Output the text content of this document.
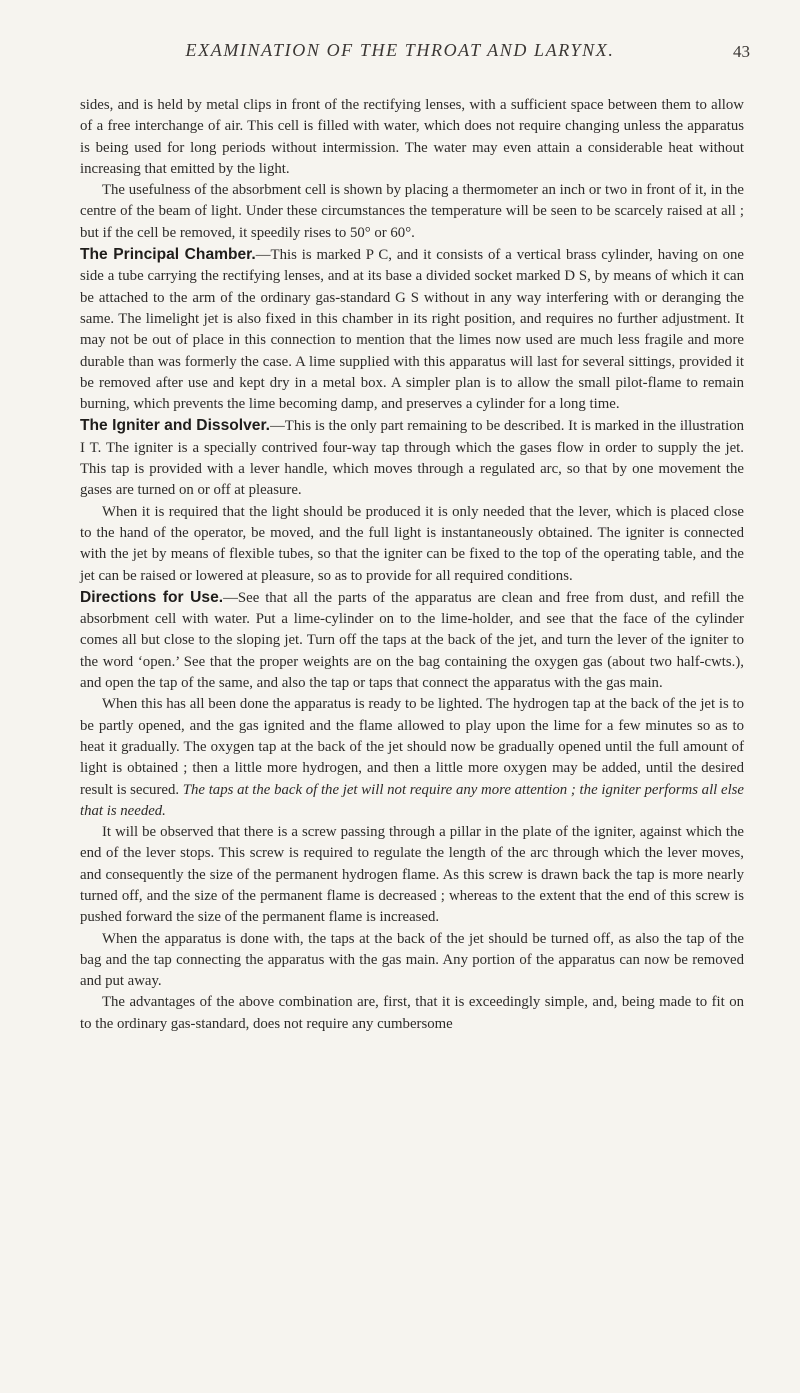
EXAMINATION OF THE THROAT AND LARYNX.	43

sides, and is held by metal clips in front of the rectifying lenses, with a sufficient space between them to allow of a free interchange of air. This cell is filled with water, which does not require changing unless the apparatus is being used for long periods without intermission. The water may even attain a considerable heat without increasing that emitted by the light.

The usefulness of the absorbment cell is shown by placing a thermometer an inch or two in front of it, in the centre of the beam of light. Under these circumstances the temperature will be seen to be scarcely raised at all ; but if the cell be removed, it speedily rises to 50° or 60°.

The Principal Chamber.—This is marked P C, and it consists of a vertical brass cylinder, having on one side a tube carrying the rectifying lenses, and at its base a divided socket marked D S, by means of which it can be attached to the arm of the ordinary gas-standard G S without in any way interfering with or deranging the same. The limelight jet is also fixed in this chamber in its right position, and requires no further adjustment. It may not be out of place in this connection to mention that the limes now used are much less fragile and more durable than was formerly the case. A lime supplied with this apparatus will last for several sittings, provided it be removed after use and kept dry in a metal box. A simpler plan is to allow the small pilot-flame to remain burning, which prevents the lime becoming damp, and preserves a cylinder for a long time.

The Igniter and Dissolver.—This is the only part remaining to be described. It is marked in the illustration I T. The igniter is a specially contrived four-way tap through which the gases flow in order to supply the jet. This tap is provided with a lever handle, which moves through a regulated arc, so that by one movement the gases are turned on or off at pleasure.

When it is required that the light should be produced it is only needed that the lever, which is placed close to the hand of the operator, be moved, and the full light is instantaneously obtained. The igniter is connected with the jet by means of flexible tubes, so that the igniter can be fixed to the top of the operating table, and the jet can be raised or lowered at pleasure, so as to provide for all required conditions.

Directions for Use.—See that all the parts of the apparatus are clean and free from dust, and refill the absorbment cell with water. Put a lime-cylinder on to the lime-holder, and see that the face of the cylinder comes all but close to the sloping jet. Turn off the taps at the back of the jet, and turn the lever of the igniter to the word ‘open.’ See that the proper weights are on the bag containing the oxygen gas (about two half-cwts.), and open the tap of the same, and also the tap or taps that connect the apparatus with the gas main.

When this has all been done the apparatus is ready to be lighted. The hydrogen tap at the back of the jet is to be partly opened, and the gas ignited and the flame allowed to play upon the lime for a few minutes so as to heat it gradually. The oxygen tap at the back of the jet should now be gradually opened until the full amount of light is obtained ; then a little more hydrogen, and then a little more oxygen may be added, until the desired result is secured. The taps at the back of the jet will not require any more attention ; the igniter performs all else that is needed.

It will be observed that there is a screw passing through a pillar in the plate of the igniter, against which the end of the lever stops. This screw is required to regulate the length of the arc through which the lever moves, and consequently the size of the permanent hydrogen flame. As this screw is drawn back the tap is more nearly turned off, and the size of the permanent flame is decreased ; whereas to the extent that the end of this screw is pushed forward the size of the permanent flame is increased.

When the apparatus is done with, the taps at the back of the jet should be turned off, as also the tap of the bag and the tap connecting the apparatus with the gas main. Any portion of the apparatus can now be removed and put away.

The advantages of the above combination are, first, that it is exceedingly simple, and, being made to fit on to the ordinary gas-standard, does not require any cumbersome
